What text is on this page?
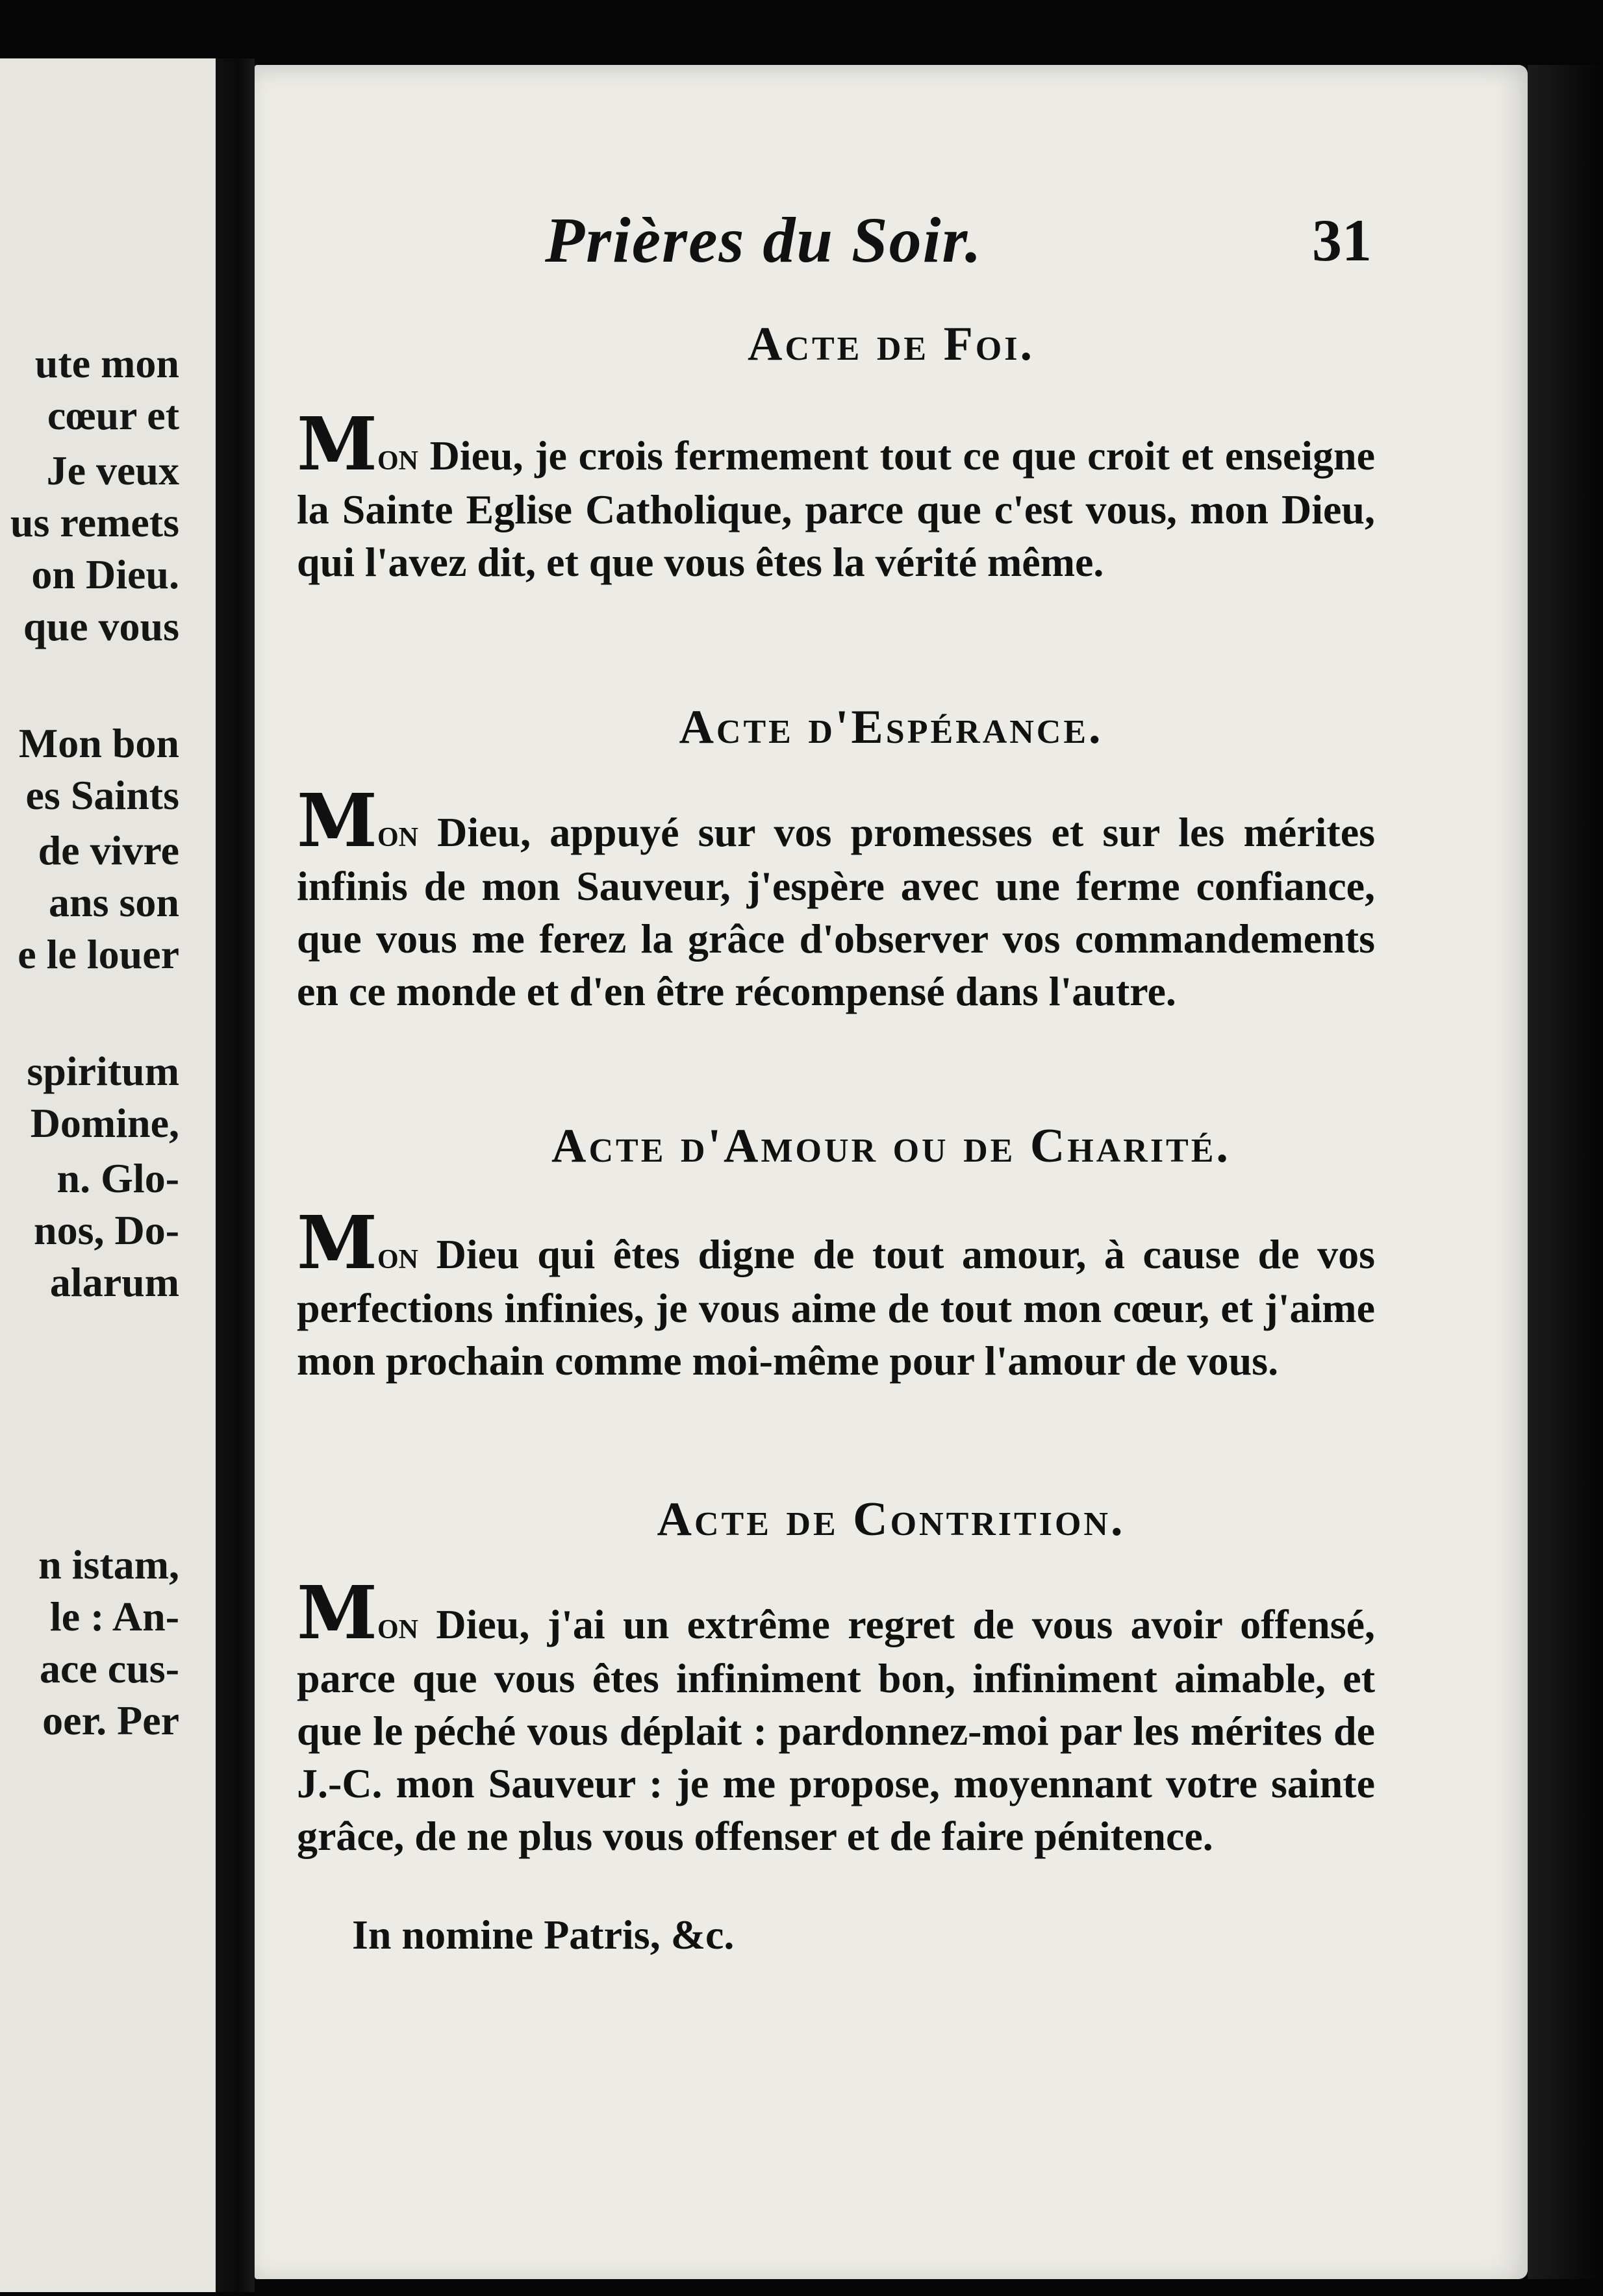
ute mon
cœur et
Je veux
us remets
on Dieu.
que vous
Mon bon
es Saints
de vivre
ans son
e le louer
spiritum
Domine,
n. Glo-
nos, Do-
alarum
n istam,
le : An-
ace cus-
oer. Per
Prières du Soir.	31
Acte de Foi.

Mon Dieu, je crois fermement tout ce que croit et enseigne la Sainte Eglise Catholique, parce que c'est vous, mon Dieu, qui l'avez dit, et que vous êtes la vérité même.

Acte d'Espérance.

Mon Dieu, appuyé sur vos promesses et sur les mérites infinis de mon Sauveur, j'espère avec une ferme confiance, que vous me ferez la grâce d'observer vos commandements en ce monde et d'en être récompensé dans l'autre.

Acte d'Amour ou de Charité.

Mon Dieu qui êtes digne de tout amour, à cause de vos perfections infinies, je vous aime de tout mon cœur, et j'aime mon prochain comme moi-même pour l'amour de vous.

Acte de Contrition.

Mon Dieu, j'ai un extrême regret de vous avoir offensé, parce que vous êtes infiniment bon, infiniment aimable, et que le péché vous déplait : pardonnez-moi par les mérites de J.-C. mon Sauveur : je me propose, moyennant votre sainte grâce, de ne plus vous offenser et de faire pénitence.

In nomine Patris, &c.
